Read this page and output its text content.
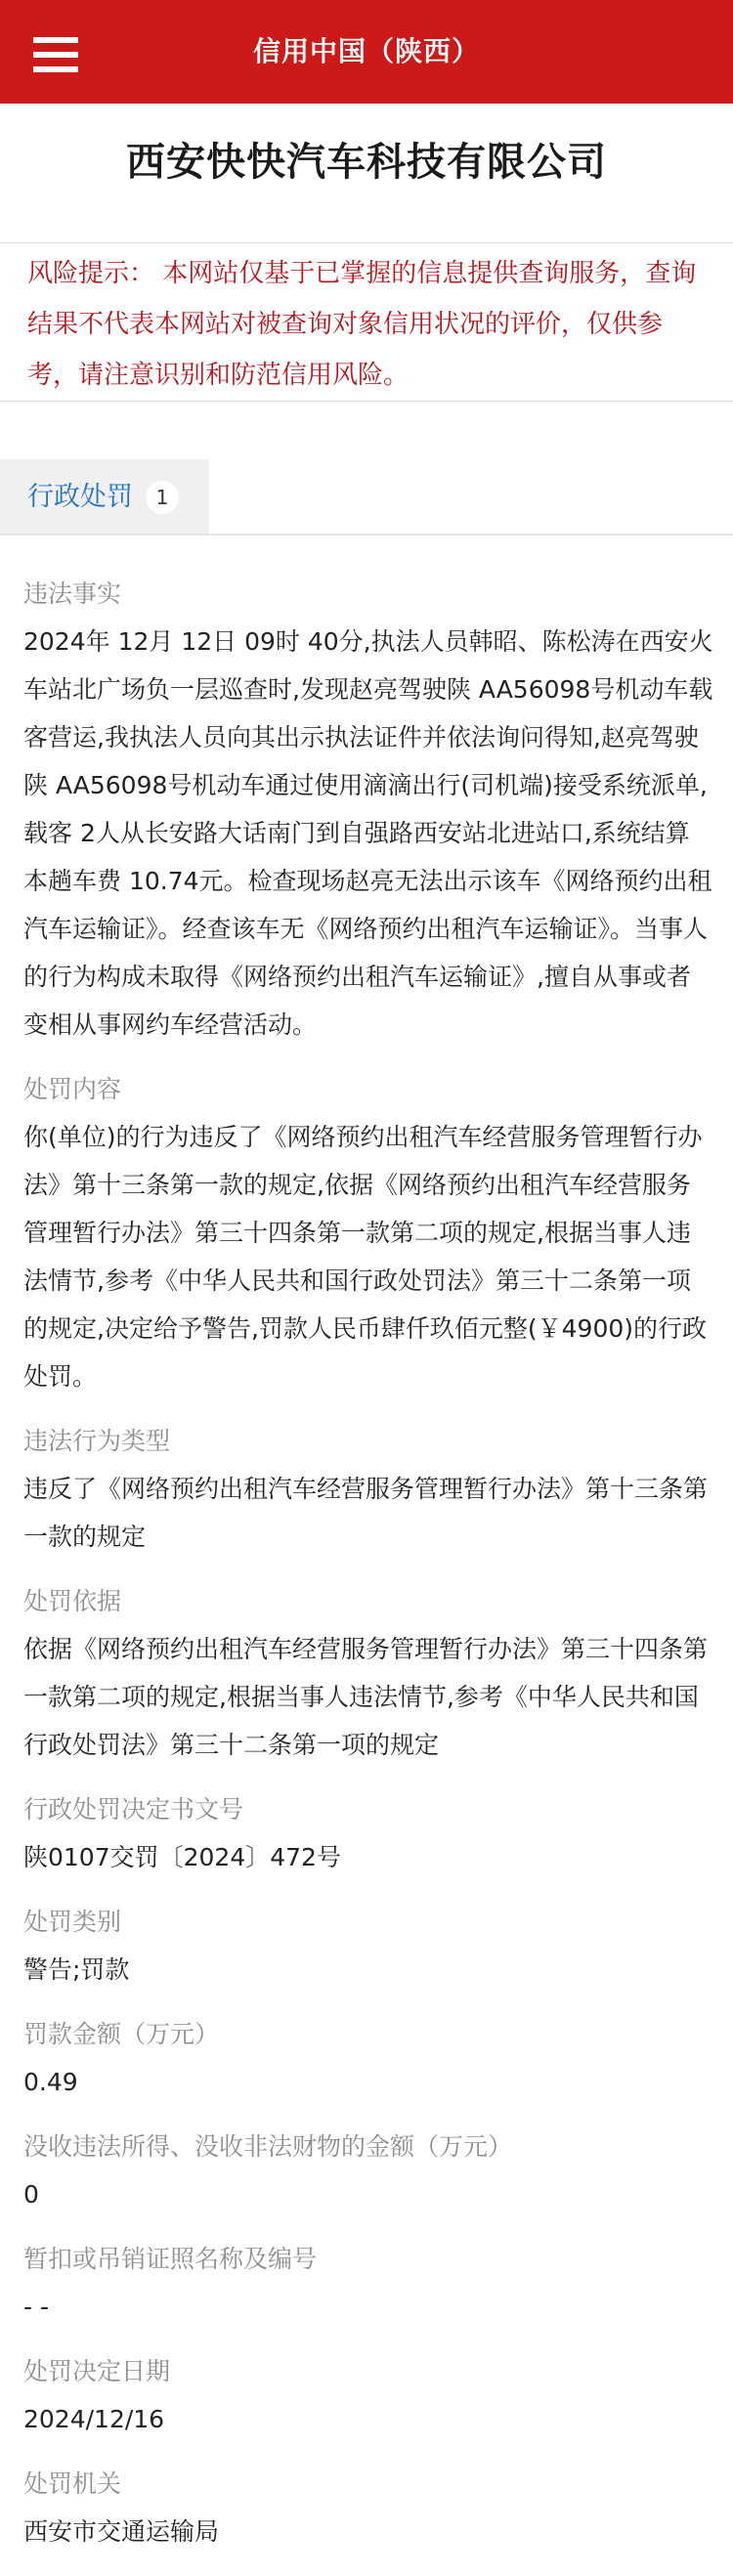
信用中国（陕西）
西安快快汽车科技有限公司
风险提示： 本网站仅基于已掌握的信息提供查询服务，查询结果不代表本网站对被查询对象信用状况的评价，仅供参考，请注意识别和防范信用风险。
行政处罚	1
违法事实
2024年 12月 12日 09时 40分,执法人员韩昭、陈松涛在西安火车站北广场负一层巡查时,发现赵亮驾驶陕 AA56098号机动车载客营运,我执法人员向其出示执法证件并依法询问得知,赵亮驾驶陕 AA56098号机动车通过使用滴滴出行(司机端)接受系统派单,载客 2人从长安路大话南门到自强路西安站北进站口,系统结算本趟车费 10.74元。检查现场赵亮无法出示该车《网络预约出租汽车运输证》。经查该车无《网络预约出租汽车运输证》。当事人的行为构成未取得《网络预约出租汽车运输证》,擅自从事或者变相从事网约车经营活动。
处罚内容
你(单位)的行为违反了《网络预约出租汽车经营服务管理暂行办法》第十三条第一款的规定,依据《网络预约出租汽车经营服务管理暂行办法》第三十四条第一款第二项的规定,根据当事人违法情节,参考《中华人民共和国行政处罚法》第三十二条第一项的规定,决定给予警告,罚款人民币肆仟玖佰元整(￥4900)的行政处罚。
违法行为类型
违反了《网络预约出租汽车经营服务管理暂行办法》第十三条第一款的规定
处罚依据
依据《网络预约出租汽车经营服务管理暂行办法》第三十四条第一款第二项的规定,根据当事人违法情节,参考《中华人民共和国行政处罚法》第三十二条第一项的规定
行政处罚决定书文号
陕0107交罚〔2024〕472号
处罚类别
警告;罚款
罚款金额（万元）
0.49
没收违法所得、没收非法财物的金额（万元）
0
暂扣或吊销证照名称及编号
- -
处罚决定日期
2024/12/16
处罚机关
西安市交通运输局
